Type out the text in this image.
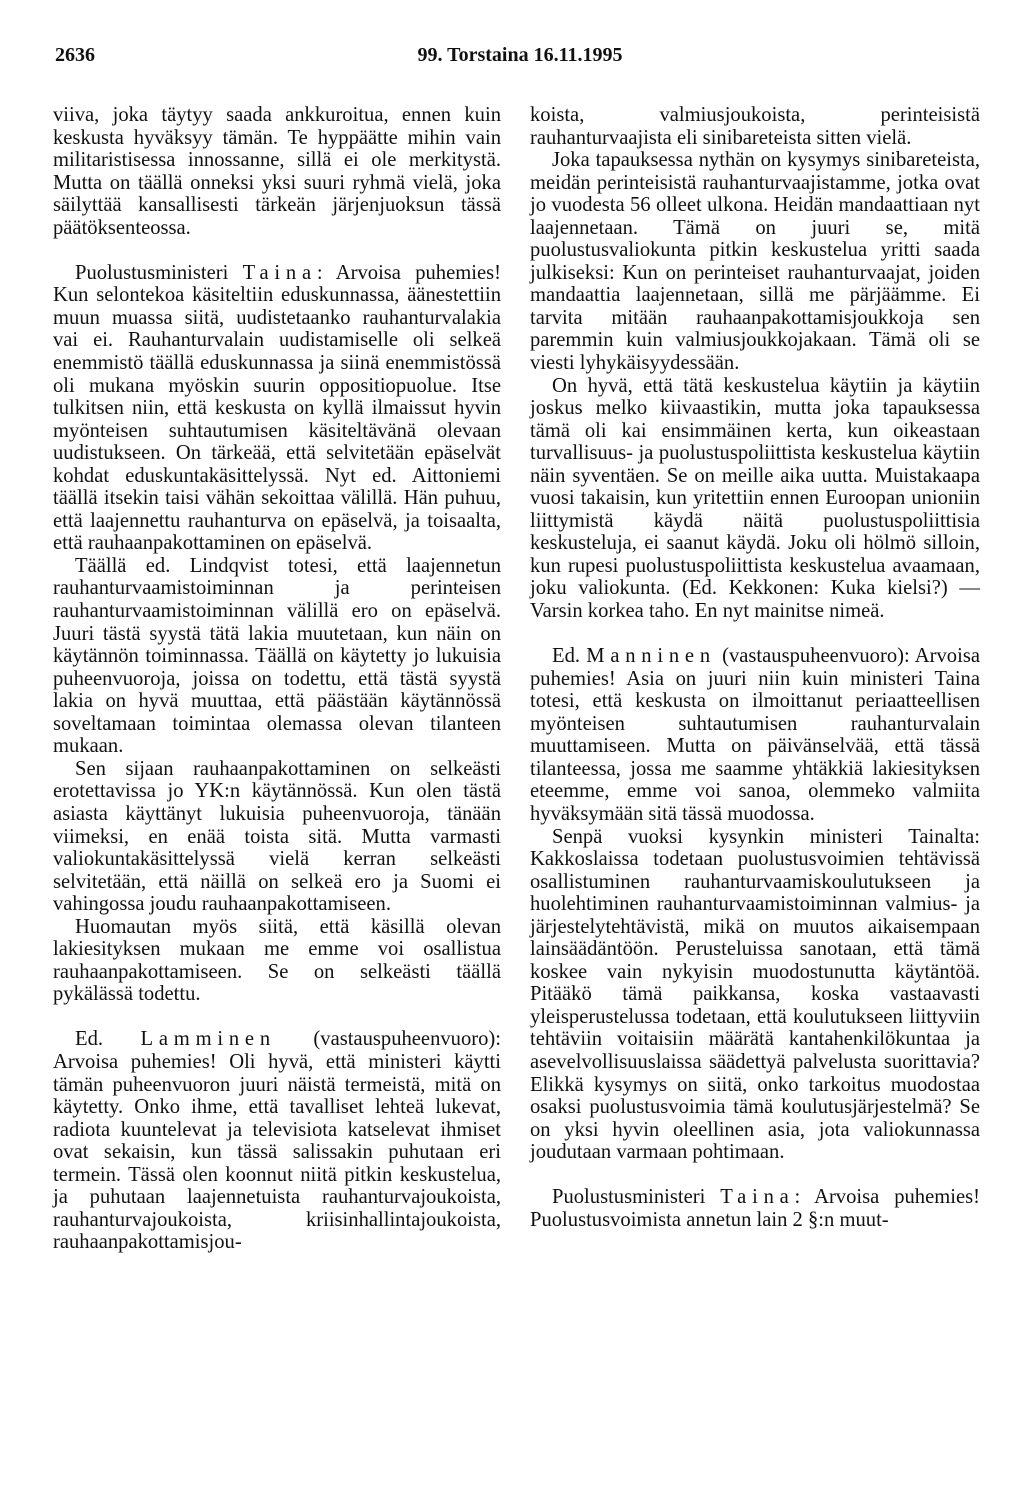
2636	99. Torstaina 16.11.1995

viiva, joka täytyy saada ankkuroitua, ennen kuin keskusta hyväksyy tämän. Te hyppäätte mihin vain militaristisessa innossanne, sillä ei ole merkitystä. Mutta on täällä onneksi yksi suuri ryhmä vielä, joka säilyttää kansallisesti tärkeän järjenjuoksun tässä päätöksenteossa.

Puolustusministeri Taina: Arvoisa puhemies! Kun selontekoa käsiteltiin eduskunnassa, äänestettiin muun muassa siitä, uudistetaanko rauhanturvalakia vai ei. Rauhanturvalain uudistamiselle oli selkeä enemmistö täällä eduskunnassa ja siinä enemmistössä oli mukana myöskin suurin oppositiopuolue. Itse tulkitsen niin, että keskusta on kyllä ilmaissut hyvin myönteisen suhtautumisen käsiteltävänä olevaan uudistukseen. On tärkeää, että selvitetään epäselvät kohdat eduskuntakäsittelyssä. Nyt ed. Aittoniemi täällä itsekin taisi vähän sekoittaa välillä. Hän puhuu, että laajennettu rauhanturva on epäselvä, ja toisaalta, että rauhaanpakottaminen on epäselvä.

Täällä ed. Lindqvist totesi, että laajennetun rauhanturvaamistoiminnan ja perinteisen rauhanturvaamistoiminnan välillä ero on epäselvä. Juuri tästä syystä tätä lakia muutetaan, kun näin on käytännön toiminnassa. Täällä on käytetty jo lukuisia puheenvuoroja, joissa on todettu, että tästä syystä lakia on hyvä muuttaa, että päästään käytännössä soveltamaan toimintaa olemassa olevan tilanteen mukaan.

Sen sijaan rauhaanpakottaminen on selkeästi erotettavissa jo YK:n käytännössä. Kun olen tästä asiasta käyttänyt lukuisia puheenvuoroja, tänään viimeksi, en enää toista sitä. Mutta varmasti valiokuntakäsittelyssä vielä kerran selkeästi selvitetään, että näillä on selkeä ero ja Suomi ei vahingossa joudu rauhaanpakottamiseen.

Huomautan myös siitä, että käsillä olevan lakiesityksen mukaan me emme voi osallistua rauhaanpakottamiseen. Se on selkeästi täällä pykälässä todettu.

Ed. Lamminen (vastauspuheenvuoro): Arvoisa puhemies! Oli hyvä, että ministeri käytti tämän puheenvuoron juuri näistä termeistä, mitä on käytetty. Onko ihme, että tavalliset lehteä lukevat, radiota kuuntelevat ja televisiota katselevat ihmiset ovat sekaisin, kun tässä salissakin puhutaan eri termein. Tässä olen koonnut niitä pitkin keskustelua, ja puhutaan laajennetuista rauhanturvajoukoista, rauhanturvajoukoista, kriisinhallintajoukoista, rauhaanpakottamisjou-

koista, valmiusjoukoista, perinteisistä rauhanturvaajista eli sinibareteista sitten vielä.

Joka tapauksessa nythän on kysymys sinibareteista, meidän perinteisistä rauhanturvaajistamme, jotka ovat jo vuodesta 56 olleet ulkona. Heidän mandaattiaan nyt laajennetaan. Tämä on juuri se, mitä puolustusvaliokunta pitkin keskustelua yritti saada julkiseksi: Kun on perinteiset rauhanturvaajat, joiden mandaattia laajennetaan, sillä me pärjäämme. Ei tarvita mitään rauhaanpakottamisjoukkoja sen paremmin kuin valmiusjoukkojakaan. Tämä oli se viesti lyhykäisyydessään.

On hyvä, että tätä keskustelua käytiin ja käytiin joskus melko kiivaastikin, mutta joka tapauksessa tämä oli kai ensimmäinen kerta, kun oikeastaan turvallisuus- ja puolustuspoliittista keskustelua käytiin näin syventäen. Se on meille aika uutta. Muistakaapa vuosi takaisin, kun yritettiin ennen Euroopan unioniin liittymistä käydä näitä puolustuspoliittisia keskusteluja, ei saanut käydä. Joku oli hölmö silloin, kun rupesi puolustuspoliittista keskustelua avaamaan, joku valiokunta. (Ed. Kekkonen: Kuka kielsi?) — Varsin korkea taho. En nyt mainitse nimeä.

Ed. Manninen (vastauspuheenvuoro): Arvoisa puhemies! Asia on juuri niin kuin ministeri Taina totesi, että keskusta on ilmoittanut periaatteellisen myönteisen suhtautumisen rauhanturvalain muuttamiseen. Mutta on päivänselvää, että tässä tilanteessa, jossa me saamme yhtäkkiä lakiesityksen eteemme, emme voi sanoa, olemmeko valmiita hyväksymään sitä tässä muodossa.

Senpä vuoksi kysynkin ministeri Tainalta: Kakkoslaissa todetaan puolustusvoimien tehtävissä osallistuminen rauhanturvaamiskoulutukseen ja huolehtiminen rauhanturvaamistoiminnan valmius- ja järjestelytehtävistä, mikä on muutos aikaisempaan lainsäädäntöön. Perusteluissa sanotaan, että tämä koskee vain nykyisin muodostunutta käytäntöä. Pitääkö tämä paikkansa, koska vastaavasti yleisperustelussa todetaan, että koulutukseen liittyviin tehtäviin voitaisiin määrätä kantahenkilökuntaa ja asevelvollisuuslaissa säädettyä palvelusta suorittavia? Elikkä kysymys on siitä, onko tarkoitus muodostaa osaksi puolustusvoimia tämä koulutusjärjestelmä? Se on yksi hyvin oleellinen asia, jota valiokunnassa joudutaan varmaan pohtimaan.

Puolustusministeri Taina: Arvoisa puhemies! Puolustusvoimista annetun lain 2 §:n muut-
